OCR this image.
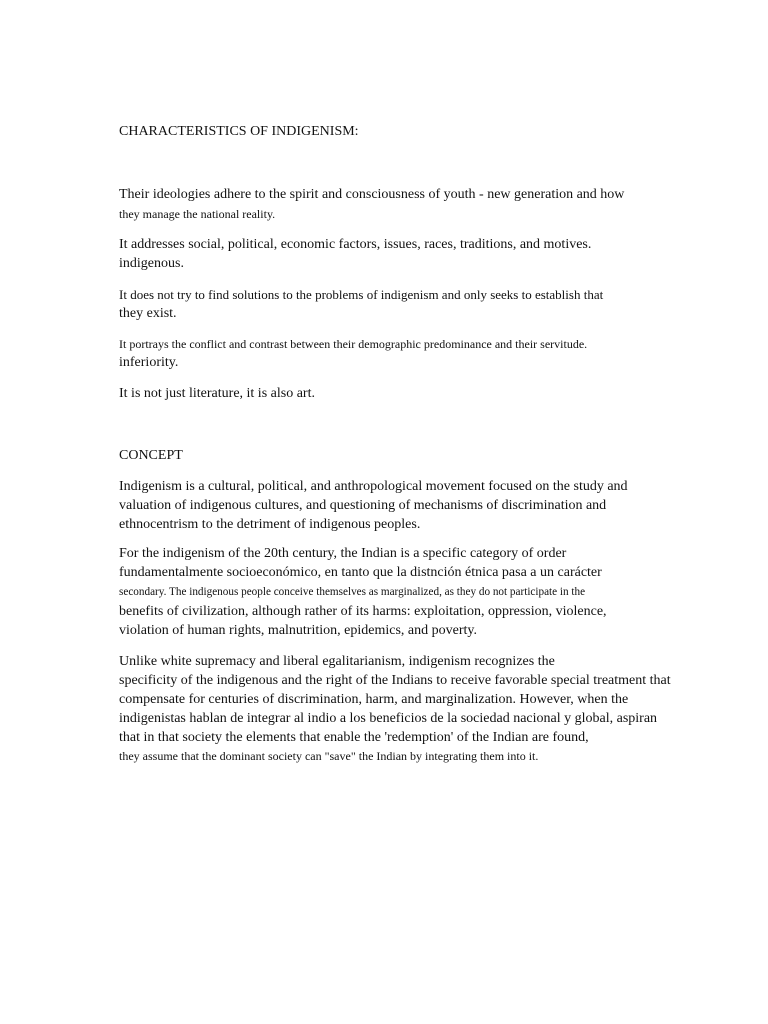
CHARACTERISTICS OF INDIGENISM:
Their ideologies adhere to the spirit and consciousness of youth - new generation and how
they manage the national reality.
It addresses social, political, economic factors, issues, races, traditions, and motives.
indigenous.
It does not try to find solutions to the problems of indigenism and only seeks to establish that
they exist.
It portrays the conflict and contrast between their demographic predominance and their servitude.
inferiority.
It is not just literature, it is also art.
CONCEPT
Indigenism is a cultural, political, and anthropological movement focused on the study and
valuation of indigenous cultures, and questioning of mechanisms of discrimination and
ethnocentrism to the detriment of indigenous peoples.
For the indigenism of the 20th century, the Indian is a specific category of order
fundamentalmente socioeconómico, en tanto que la distnción étnica pasa a un carácter
secondary. The indigenous people conceive themselves as marginalized, as they do not participate in the
benefits of civilization, although rather of its harms: exploitation, oppression, violence,
violation of human rights, malnutrition, epidemics, and poverty.
Unlike white supremacy and liberal egalitarianism, indigenism recognizes the
specificity of the indigenous and the right of the Indians to receive favorable special treatment that
compensate for centuries of discrimination, harm, and marginalization. However, when the
indigenistas hablan de integrar al indio a los beneficios de la sociedad nacional y global, aspiran
that in that society the elements that enable the 'redemption' of the Indian are found,
they assume that the dominant society can "save" the Indian by integrating them into it.
